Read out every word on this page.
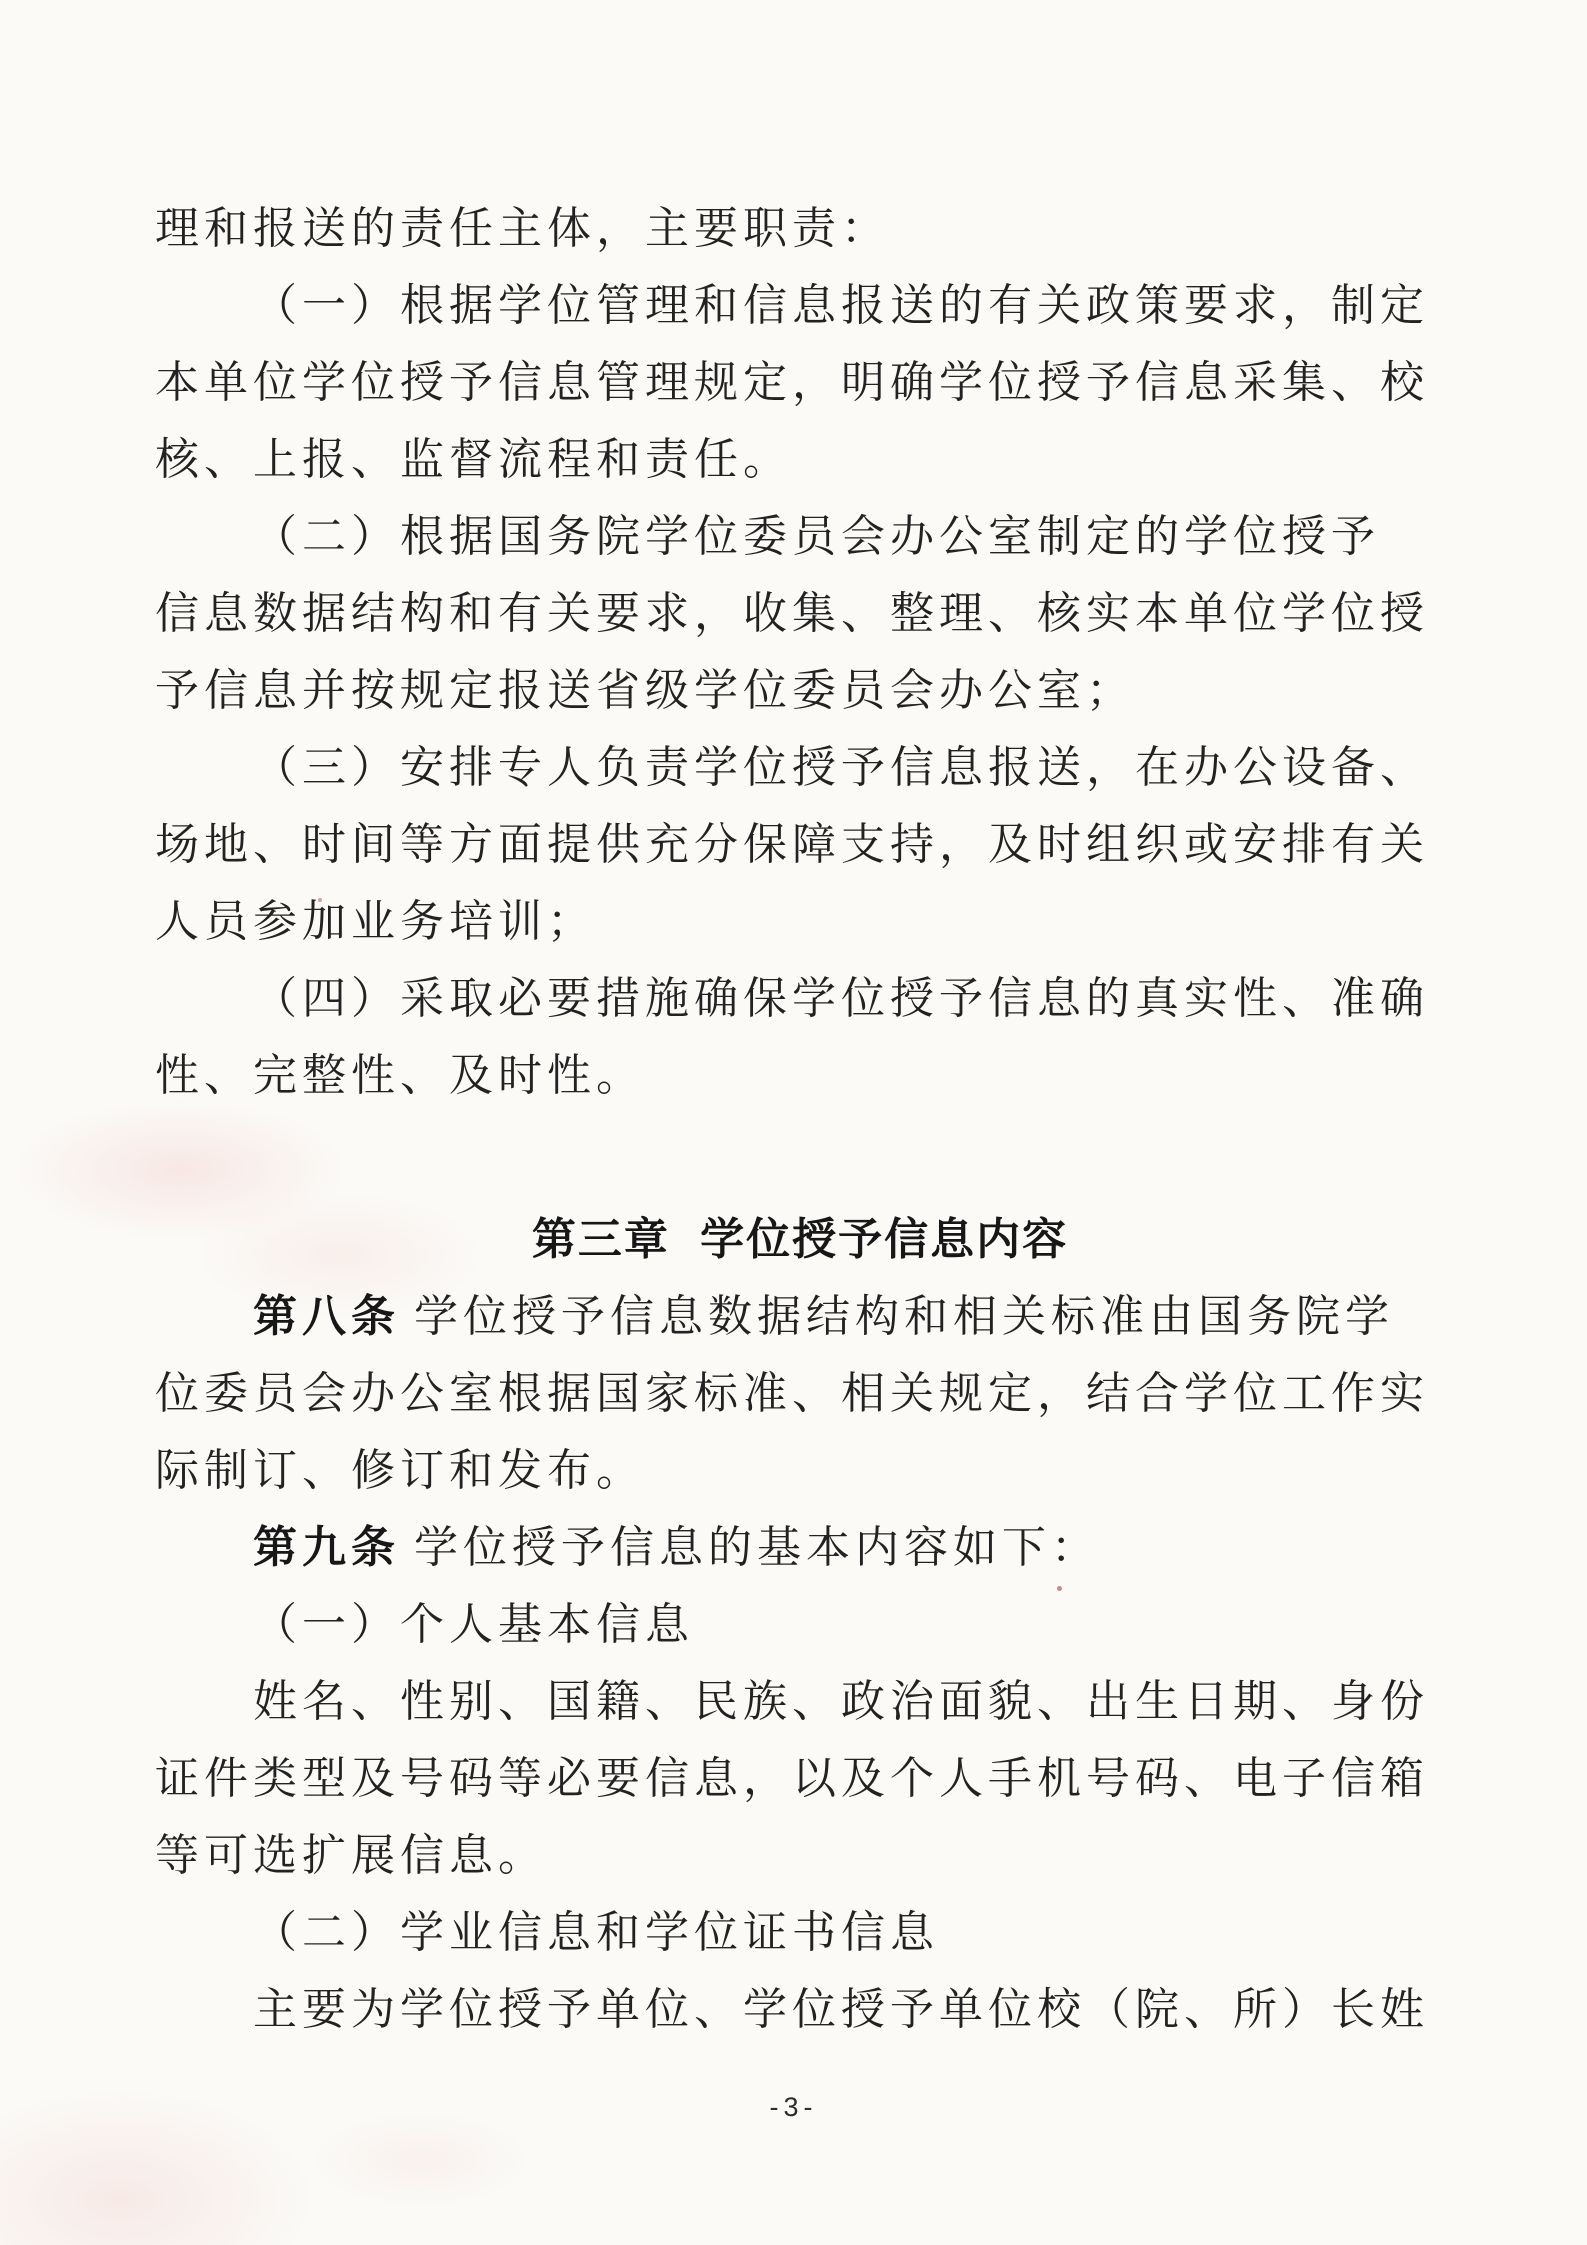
理和报送的责任主体，主要职责：
（一）根据学位管理和信息报送的有关政策要求，制定
本单位学位授予信息管理规定，明确学位授予信息采集、校
核、上报、监督流程和责任。
（二）根据国务院学位委员会办公室制定的学位授予
信息数据结构和有关要求，收集、整理、核实本单位学位授
予信息并按规定报送省级学位委员会办公室；
（三）安排专人负责学位授予信息报送，在办公设备、
场地、时间等方面提供充分保障支持，及时组织或安排有关
人员参加业务培训；
（四）采取必要措施确保学位授予信息的真实性、准确
性、完整性、及时性。
第三章 学位授予信息内容
第八条 学位授予信息数据结构和相关标准由国务院学
位委员会办公室根据国家标准、相关规定，结合学位工作实
际制订、修订和发布。
第九条 学位授予信息的基本内容如下：
（一）个人基本信息
姓名、性别、国籍、民族、政治面貌、出生日期、身份
证件类型及号码等必要信息，以及个人手机号码、电子信箱
等可选扩展信息。
（二）学业信息和学位证书信息
主要为学位授予单位、学位授予单位校（院、所）长姓
-3-
